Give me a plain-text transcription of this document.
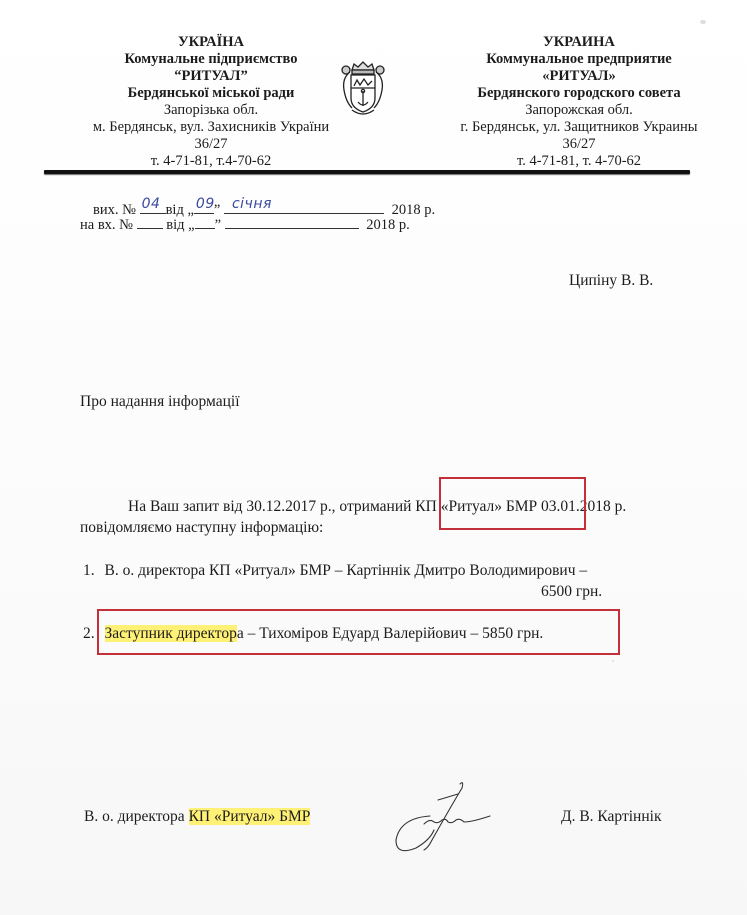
УКРАЇНА
Комунальне підприємство
“РИТУАЛ”
Бердянської міської ради
Запорізька обл.
м. Бердянськ, вул. Захисників України
36/27
т. 4-71-81, т.4-70-62
УКРАИНА
Коммунальное предприятие
«РИТУАЛ»
Бердянского городского совета
Запорожская обл.
г. Бердянськ, ул. Защитников Украины
36/27
т. 4-71-81, т. 4-70-62
вих. № 04 від „ 09 ” січня	2018 р.
на вх. № від „ ”	2018 р.
Ципіну В. В.
Про надання інформації
На Ваш запит від 30.12.2017 р., отриманий КП «Ритуал» БМР 03.01.2018 р.
повідомляємо наступну інформацію:
1. В. о. директора КП «Ритуал» БМР – Картіннік Дмитро Володимирович –
6500 грн.
2. Заступник директора – Тихоміров Едуард Валерійович – 5850 грн.
В. о. директора КП «Ритуал» БМР	Д. В. Картіннік
